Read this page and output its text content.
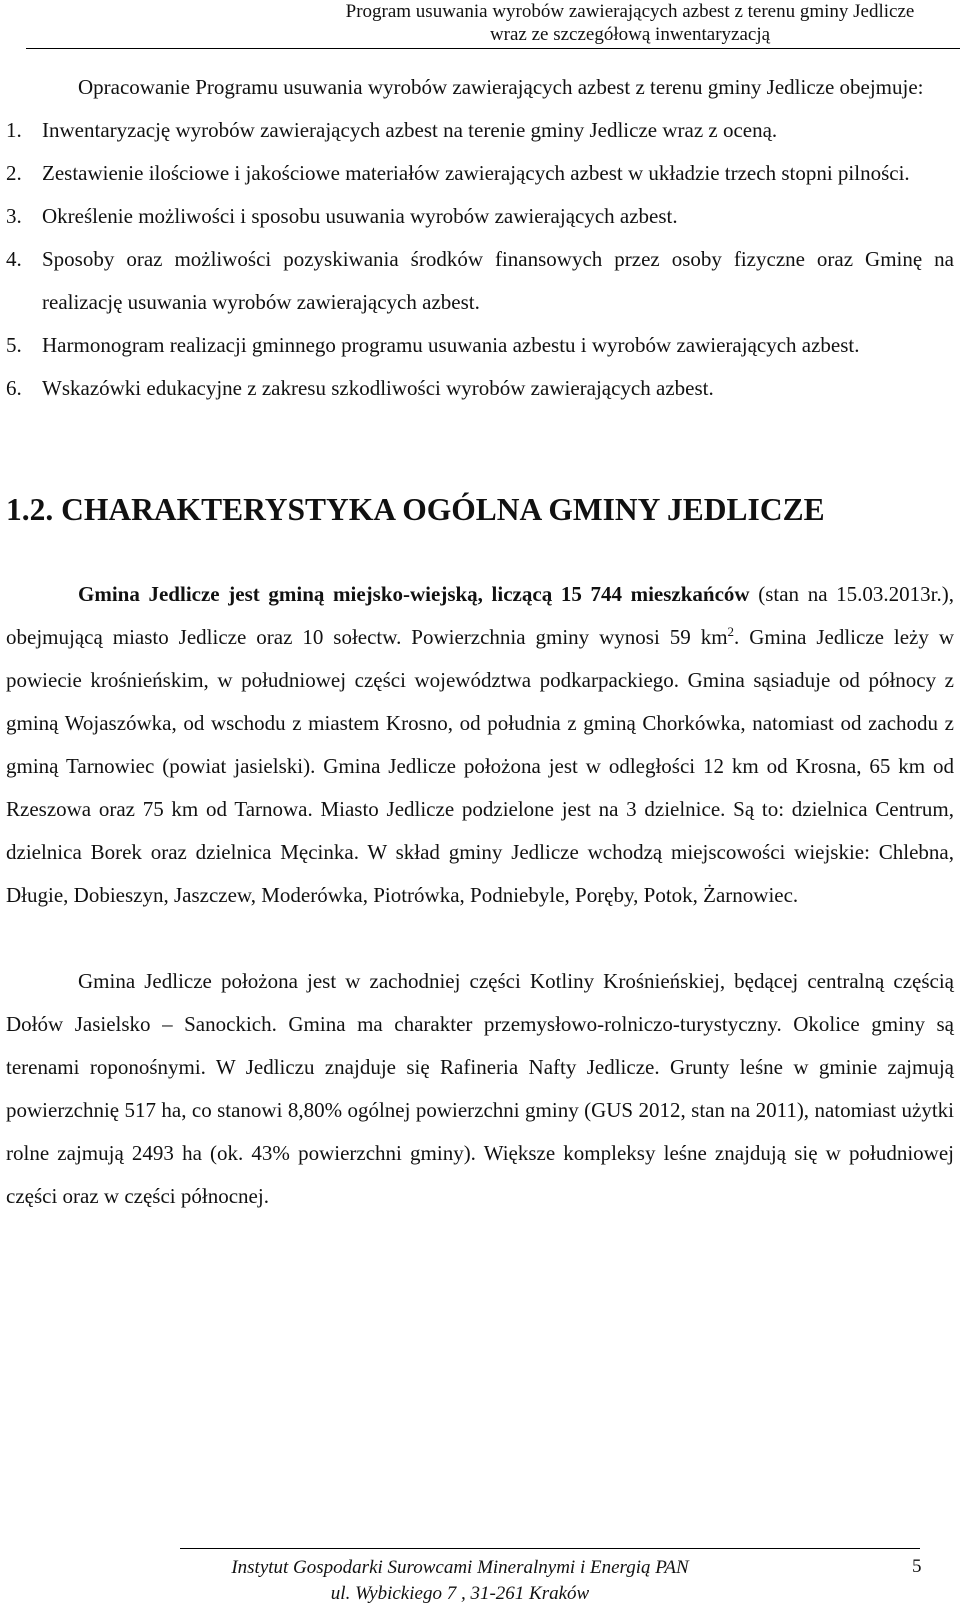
Program usuwania wyrobów zawierających azbest z terenu gminy Jedlicze
wraz ze szczegółową inwentaryzacją

Opracowanie Programu usuwania wyrobów zawierających azbest z terenu gminy Jedlicze obejmuje:

1. Inwentaryzację wyrobów zawierających azbest na terenie gminy Jedlicze wraz z oceną.
2. Zestawienie ilościowe i jakościowe materiałów zawierających azbest w układzie trzech stopni pilności.
3. Określenie możliwości i sposobu usuwania wyrobów zawierających azbest.
4. Sposoby oraz możliwości pozyskiwania środków finansowych przez osoby fizyczne oraz Gminę na realizację usuwania wyrobów zawierających azbest.
5. Harmonogram realizacji gminnego programu usuwania azbestu i wyrobów zawierających azbest.
6. Wskazówki edukacyjne z zakresu szkodliwości wyrobów zawierających azbest.
1.2. CHARAKTERYSTYKA OGÓLNA GMINY JEDLICZE

Gmina Jedlicze jest gminą miejsko-wiejską, liczącą 15 744 mieszkańców (stan na 15.03.2013r.), obejmującą miasto Jedlicze oraz 10 sołectw. Powierzchnia gminy wynosi 59 $km^2$. Gmina Jedlicze leży w powiecie krośnieńskim, w południowej części województwa podkarpackiego. Gmina sąsiaduje od północy z gminą Wojaszówka, od wschodu z miastem Krosno, od południa z gminą Chorkówka, natomiast od zachodu z gminą Tarnowiec (powiat jasielski). Gmina Jedlicze położona jest w odległości 12 km od Krosna, 65 km od Rzeszowa oraz 75 km od Tarnowa. Miasto Jedlicze podzielone jest na 3 dzielnice. Są to: dzielnica Centrum, dzielnica Borek oraz dzielnica Męcinka. W skład gminy Jedlicze wchodzą miejscowości wiejskie: Chlebna, Długie, Dobieszyn, Jaszczew, Moderówka, Piotrówka, Podniebyle, Poręby, Potok, Żarnowiec.

Gmina Jedlicze położona jest w zachodniej części Kotliny Krośnieńskiej, będącej centralną częścią Dołów Jasielsko – Sanockich. Gmina ma charakter przemysłowo-rolniczo-turystyczny. Okolice gminy są terenami roponośnymi. W Jedliczu znajduje się Rafineria Nafty Jedlicze. Grunty leśne w gminie zajmują powierzchnię 517 ha, co stanowi 8,80% ogólnej powierzchni gminy (GUS 2012, stan na 2011), natomiast użytki rolne zajmują 2493 ha (ok. 43% powierzchni gminy). Większe kompleksy leśne znajdują się w południowej części oraz w części północnej.

Instytut Gospodarki Surowcami Mineralnymi i Energią PAN
ul. Wybickiego 7 , 31-261 Kraków
5
